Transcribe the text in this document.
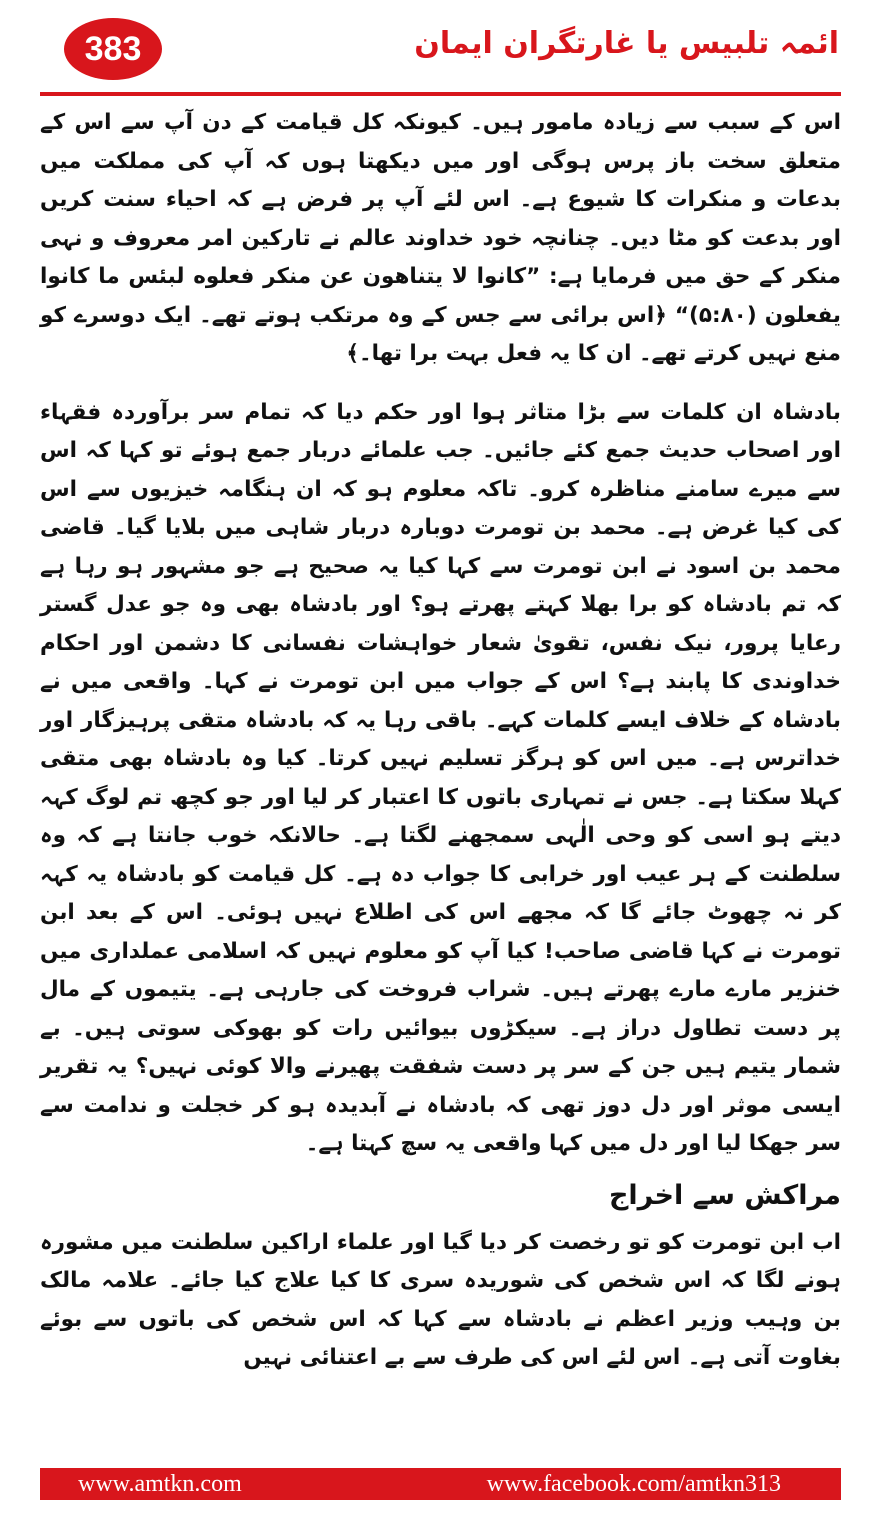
383	ائمہ تلبیس یا غارتگران ایمان

اس کے سبب سے زیادہ مامور ہیں۔ کیونکہ کل قیامت کے دن آپ سے اس کے متعلق سخت باز پرس ہوگی اور میں دیکھتا ہوں کہ آپ کی مملکت میں بدعات و منکرات کا شیوع ہے۔ اس لئے آپ پر فرض ہے کہ احیاء سنت کریں اور بدعت کو مٹا دیں۔ چنانچہ خود خداوند عالم نے تارکین امر معروف و نہی منکر کے حق میں فرمایا ہے: ”كانوا لا يتناهون عن منكر فعلوه لبئس ما كانوا يفعلون (۵:۸۰)“ ﴿اس برائی سے جس کے وہ مرتکب ہوتے تھے۔ ایک دوسرے کو منع نہیں کرتے تھے۔ ان کا یہ فعل بہت برا تھا۔﴾

بادشاہ ان کلمات سے بڑا متاثر ہوا اور حکم دیا کہ تمام سر برآوردہ فقہاء اور اصحاب حدیث جمع کئے جائیں۔ جب علمائے دربار جمع ہوئے تو کہا کہ اس سے میرے سامنے مناظرہ کرو۔ تاکہ معلوم ہو کہ ان ہنگامہ خیزیوں سے اس کی کیا غرض ہے۔ محمد بن تومرت دوبارہ دربار شاہی میں بلایا گیا۔ قاضی محمد بن اسود نے ابن تومرت سے کہا کیا یہ صحیح ہے جو مشہور ہو رہا ہے کہ تم بادشاہ کو برا بھلا کہتے پھرتے ہو؟ اور بادشاہ بھی وہ جو عدل گستر رعایا پرور، نیک نفس، تقویٰ شعار خواہشات نفسانی کا دشمن اور احکام خداوندی کا پابند ہے؟ اس کے جواب میں ابن تومرت نے کہا۔ واقعی میں نے بادشاہ کے خلاف ایسے کلمات کہے۔ باقی رہا یہ کہ بادشاہ متقی پرہیزگار اور خداترس ہے۔ میں اس کو ہرگز تسلیم نہیں کرتا۔ کیا وہ بادشاہ بھی متقی کہلا سکتا ہے۔ جس نے تمہاری باتوں کا اعتبار کر لیا اور جو کچھ تم لوگ کہہ دیتے ہو اسی کو وحی الٰہی سمجھنے لگتا ہے۔ حالانکہ خوب جانتا ہے کہ وہ سلطنت کے ہر عیب اور خرابی کا جواب دہ ہے۔ کل قیامت کو بادشاہ یہ کہہ کر نہ چھوٹ جائے گا کہ مجھے اس کی اطلاع نہیں ہوئی۔ اس کے بعد ابن تومرت نے کہا قاضی صاحب! کیا آپ کو معلوم نہیں کہ اسلامی عملداری میں خنزیر مارے مارے پھرتے ہیں۔ شراب فروخت کی جارہی ہے۔ یتیموں کے مال پر دست تطاول دراز ہے۔ سیکڑوں بیوائیں رات کو بھوکی سوتی ہیں۔ بے شمار یتیم ہیں جن کے سر پر دست شفقت پھیرنے والا کوئی نہیں؟ یہ تقریر ایسی موثر اور دل دوز تھی کہ بادشاہ نے آبدیدہ ہو کر خجلت و ندامت سے سر جھکا لیا اور دل میں کہا واقعی یہ سچ کہتا ہے۔

مراکش سے اخراج

اب ابن تومرت کو تو رخصت کر دیا گیا اور علماء اراکین سلطنت میں مشورہ ہونے لگا کہ اس شخص کی شوریدہ سری کا کیا علاج کیا جائے۔ علامہ مالک بن وہیب وزیر اعظم نے بادشاہ سے کہا کہ اس شخص کی باتوں سے بوئے بغاوت آتی ہے۔ اس لئے اس کی طرف سے بے اعتنائی نہیں

www.amtkn.com	www.facebook.com/amtkn313
